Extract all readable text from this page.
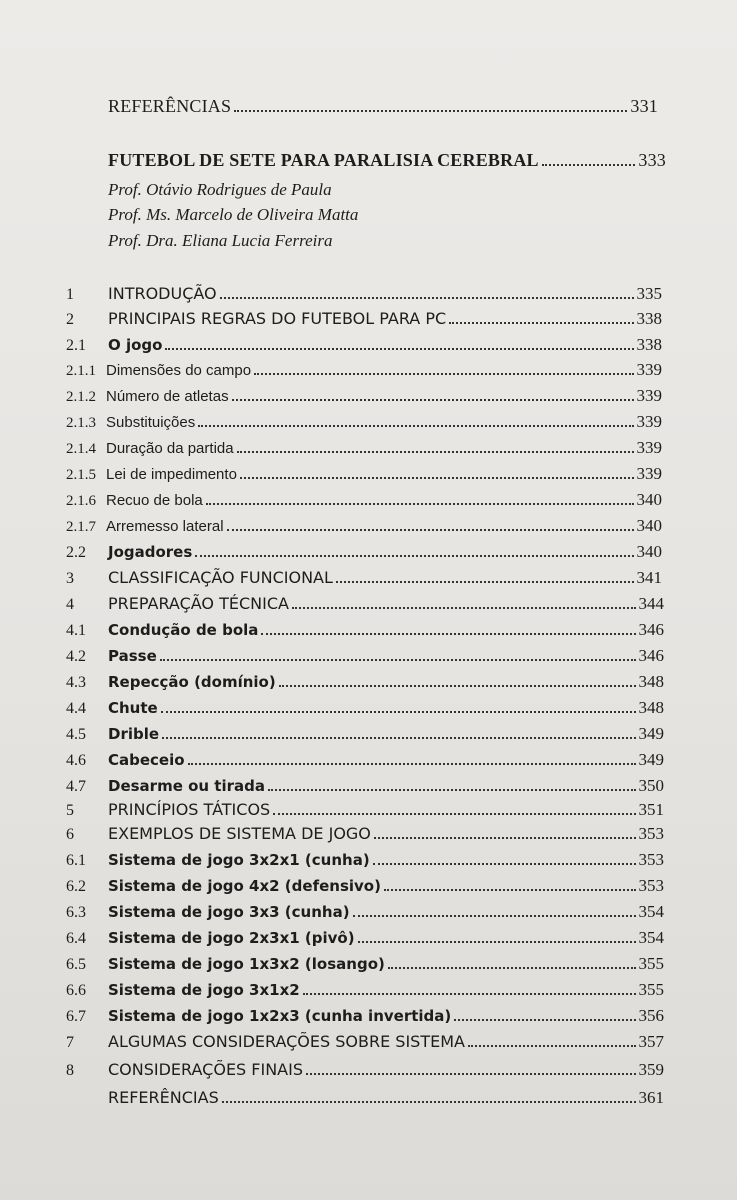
REFERÊNCIAS	331
FUTEBOL DE SETE PARA PARALISIA CEREBRAL	333
Prof. Otávio Rodrigues de Paula
Prof. Ms. Marcelo de Oliveira Matta
Prof. Dra. Eliana Lucia Ferreira
1	INTRODUÇÃO	335
2	PRINCIPAIS REGRAS DO FUTEBOL PARA PC	338
2.1	O jogo	338
2.1.1 Dimensões do campo	339
2.1.2 Número de atletas	339
2.1.3 Substituições	339
2.1.4 Duração da partida	339
2.1.5 Lei de impedimento	339
2.1.6 Recuo de bola	340
2.1.7 Arremesso lateral	340
2.2	Jogadores	340
3	CLASSIFICAÇÃO FUNCIONAL	341
4	PREPARAÇÃO TÉCNICA	344
4.1	Condução de bola	346
4.2	Passe	346
4.3	Repecção (domínio)	348
4.4	Chute	348
4.5	Drible	349
4.6	Cabeceio	349
4.7	Desarme ou tirada	350
5	PRINCÍPIOS TÁTICOS	351
6	EXEMPLOS DE SISTEMA DE JOGO	353
6.1	Sistema de jogo 3x2x1 (cunha)	353
6.2	Sistema de jogo 4x2 (defensivo)	353
6.3	Sistema de jogo 3x3 (cunha)	354
6.4	Sistema de jogo 2x3x1 (pivô)	354
6.5	Sistema de jogo 1x3x2 (losango)	355
6.6	Sistema de jogo 3x1x2	355
6.7	Sistema de jogo 1x2x3 (cunha invertida)	356
7	ALGUMAS CONSIDERAÇÕES SOBRE SISTEMA	357
8	CONSIDERAÇÕES FINAIS	359
REFERÊNCIAS	361
